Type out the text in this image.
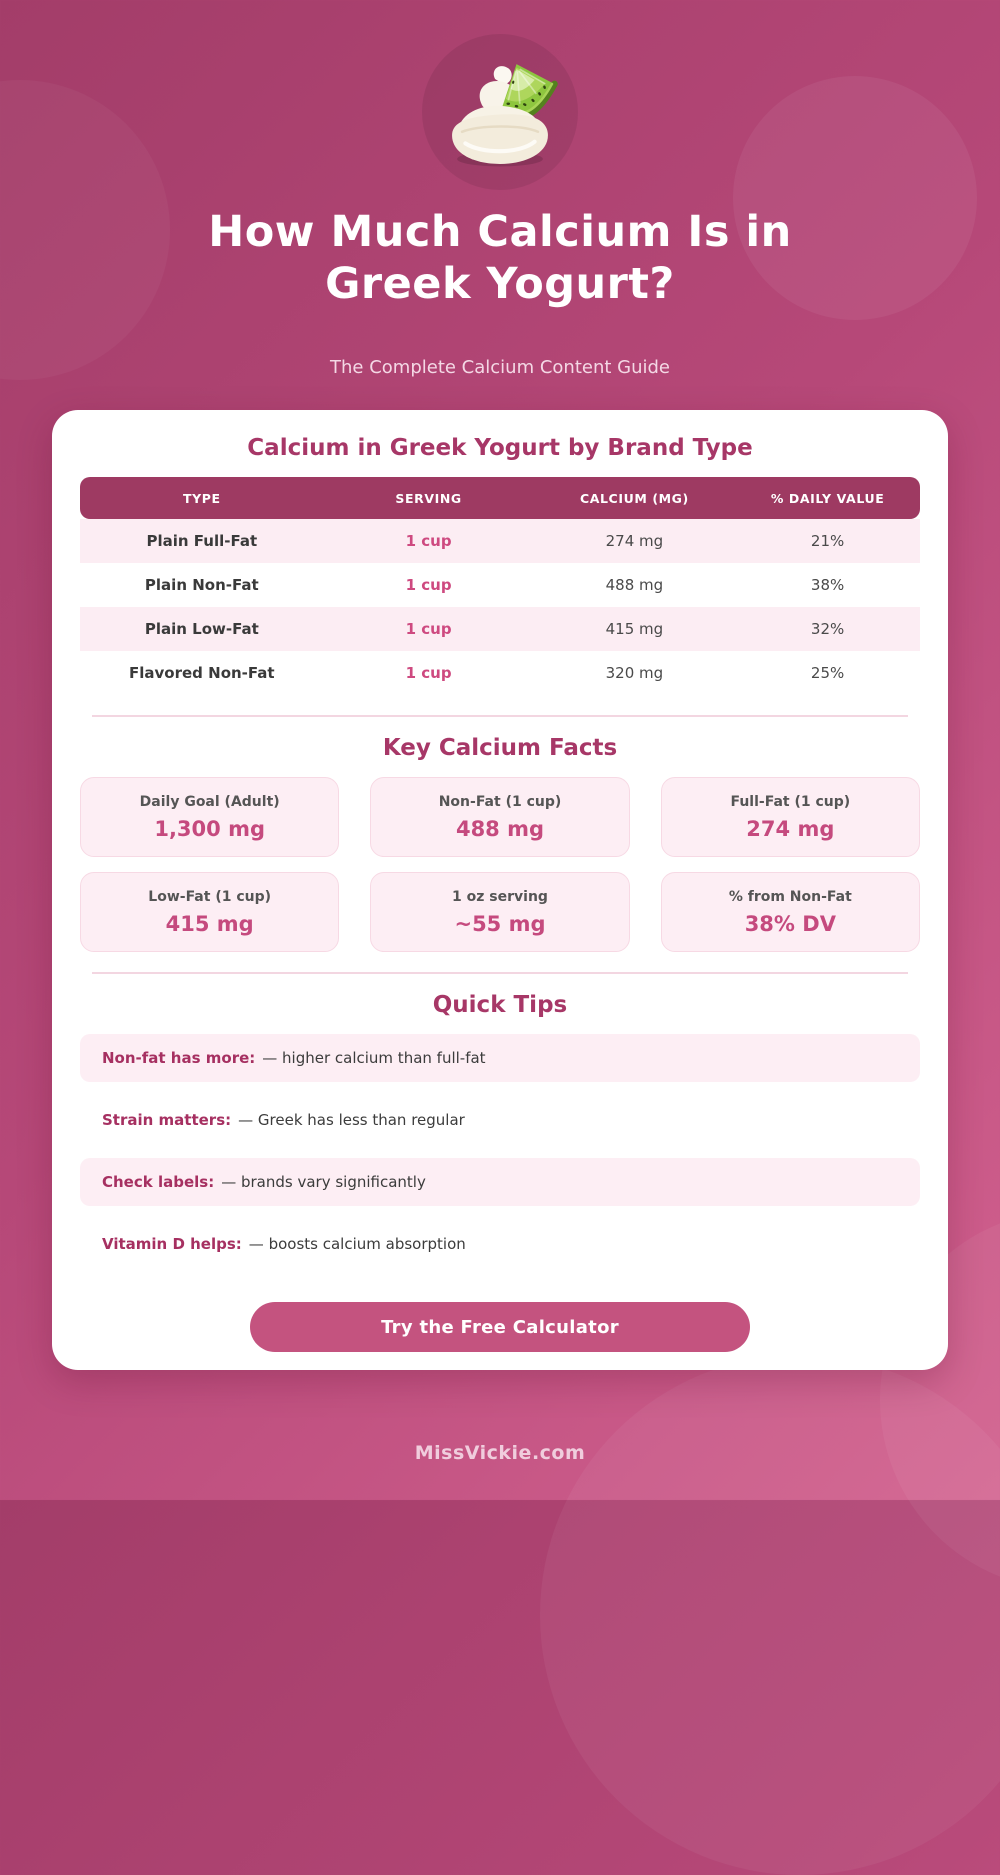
How Much Calcium Is in
Greek Yogurt?

The Complete Calcium Content Guide

Calcium in Greek Yogurt by Brand Type
TYPE	SERVING	CALCIUM (MG)	% DAILY VALUE
Plain Full-Fat	1 cup	274 mg	21%
Plain Non-Fat	1 cup	488 mg	38%
Plain Low-Fat	1 cup	415 mg	32%
Flavored Non-Fat	1 cup	320 mg	25%
Key Calcium Facts
Daily Goal (Adult)
1,300 mg
Non-Fat (1 cup)
488 mg
Full-Fat (1 cup)
274 mg
Low-Fat (1 cup)
415 mg
1 oz serving
~55 mg
% from Non-Fat
38% DV
Quick Tips
Non-fat has more: — higher calcium than full-fat
Strain matters: — Greek has less than regular
Check labels: — brands vary significantly
Vitamin D helps: — boosts calcium absorption
Try the Free Calculator
MissVickie.com
